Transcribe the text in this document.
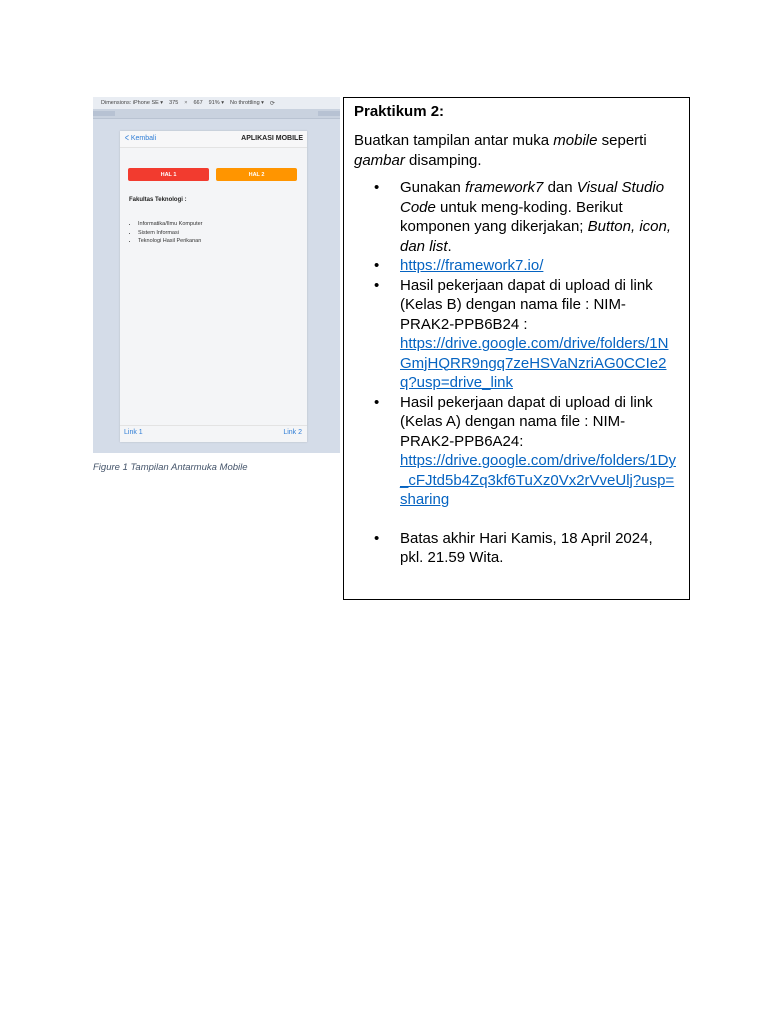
Dimensions: iPhone SE ▾ 375 × 667 91% ▾ No throttling ▾ ⟳
< Kembali	APLIKASI MOBILE
HAL 1	HAL 2
Fakultas Teknologi :
• Informatika/Ilmu Komputer
• Sistem Informasi
• Teknologi Hasil Perikanan
Link 1	Link 2
Figure 1 Tampilan Antarmuka Mobile

Praktikum 2:

Buatkan tampilan antar muka mobile seperti gambar disamping.

• Gunakan framework7 dan Visual Studio Code untuk meng-koding. Berikut komponen yang dikerjakan; Button, icon, dan list.
• https://framework7.io/
• Hasil pekerjaan dapat di upload di link (Kelas B) dengan nama file : NIM-PRAK2-PPB6B24 :

https://drive.google.com/drive/folders/1NGmjHQRR9ngq7zeHSVaNzriAG0CCIe2q?usp=drive_link

• Hasil pekerjaan dapat di upload di link (Kelas A) dengan nama file : NIM-PRAK2-PPB6A24:

https://drive.google.com/drive/folders/1Dy_cFJtd5b4Zq3kf6TuXz0Vx2rVveUlj?usp=sharing

• Batas akhir Hari Kamis, 18 April 2024, pkl. 21.59 Wita.
